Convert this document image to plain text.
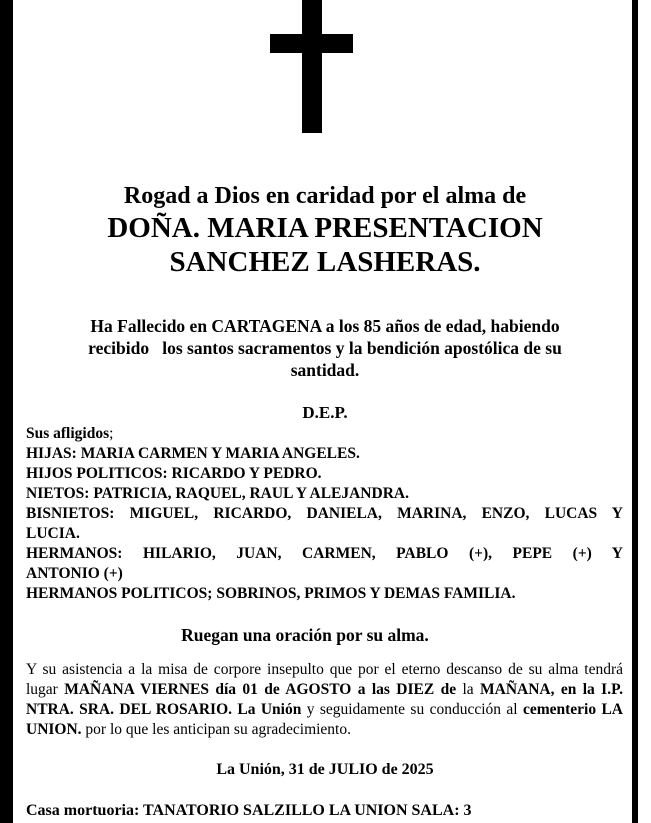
Rogad a Dios en caridad por el alma de
DOÑA. MARIA PRESENTACION
SANCHEZ LASHERAS.
Ha Fallecido en CARTAGENA a los 85 años de edad, habiendo
recibido   los santos sacramentos y la bendición apostólica de su
santidad.
D.E.P.
Sus afligidos;
HIJAS: MARIA CARMEN Y MARIA ANGELES.
HIJOS POLITICOS: RICARDO Y PEDRO.
NIETOS: PATRICIA, RAQUEL, RAUL Y ALEJANDRA.
BISNIETOS: MIGUEL, RICARDO, DANIELA, MARINA, ENZO, LUCAS Y
LUCIA.
HERMANOS: HILARIO, JUAN, CARMEN, PABLO (+), PEPE (+) Y
ANTONIO (+)
HERMANOS POLITICOS; SOBRINOS, PRIMOS Y DEMAS FAMILIA.
Ruegan una oración por su alma.
Y su asistencia a la misa de corpore insepulto que por el eterno descanso de su alma tendrá lugar MAÑANA VIERNES día 01 de AGOSTO a las DIEZ de la MAÑANA, en la I.P. NTRA. SRA. DEL ROSARIO. La Unión y seguidamente su conducción al cementerio LA UNION. por lo que les anticipan su agradecimiento.
La Unión, 31 de JULIO de 2025
Casa mortuoria: TANATORIO SALZILLO LA UNION SALA: 3
